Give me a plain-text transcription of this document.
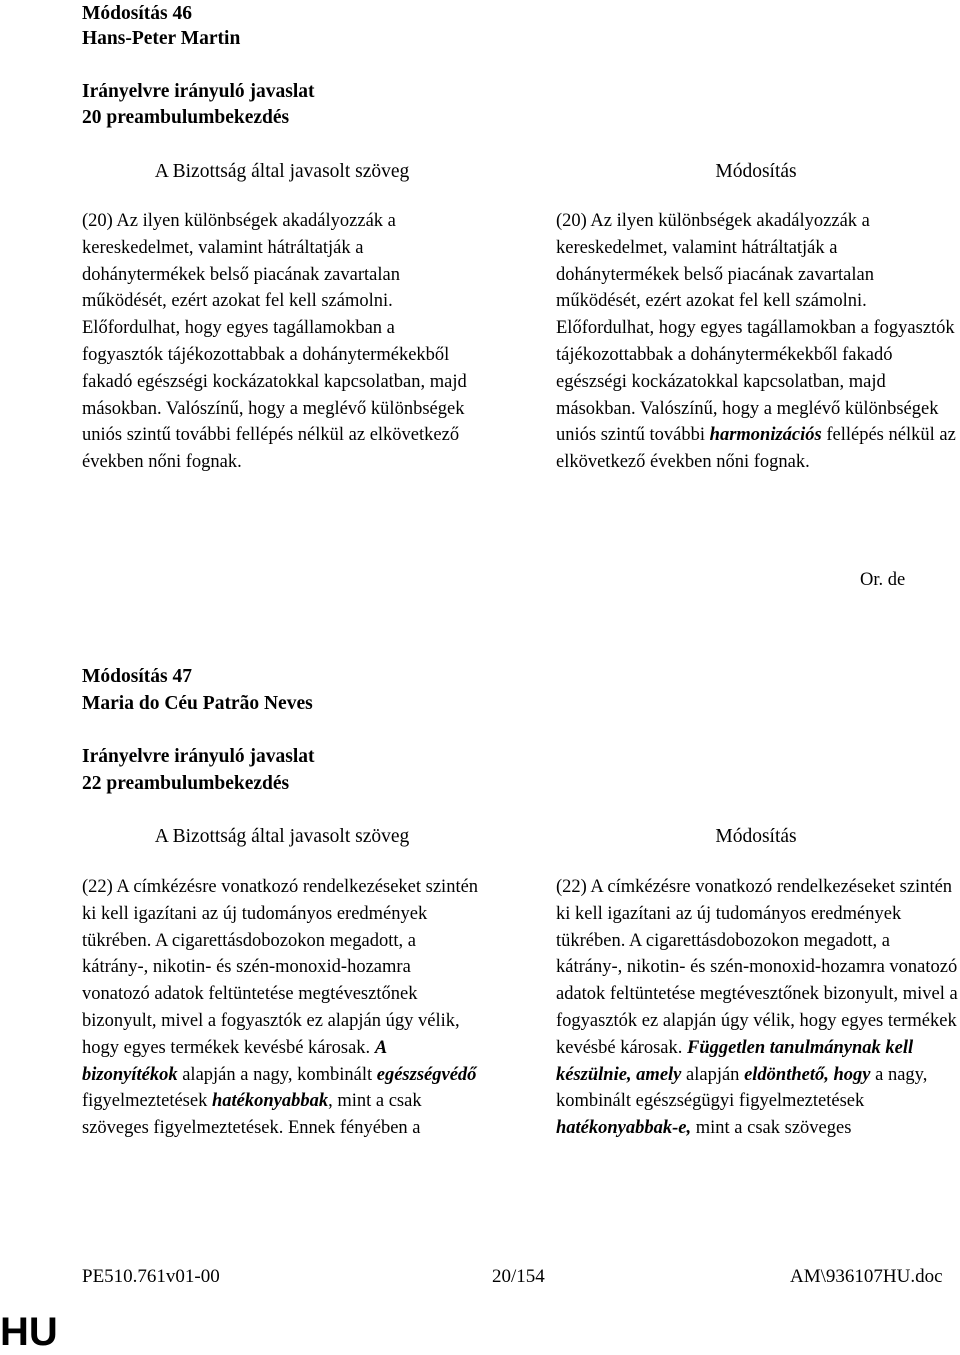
Módosítás 46
Hans-Peter Martin
Irányelvre irányuló javaslat
20 preambulumbekezdés
A Bizottság által javasolt szöveg	Módosítás

(20) Az ilyen különbségek akadályozzák a kereskedelmet, valamint hátráltatják a dohánytermékek belső piacának zavartalan működését, ezért azokat fel kell számolni. Előfordulhat, hogy egyes tagállamokban a fogyasztók tájékozottabbak a dohánytermékekből fakadó egészségi kockázatokkal kapcsolatban, majd másokban. Valószínű, hogy a meglévő különbségek uniós szintű további fellépés nélkül az elkövetkező években nőni fognak.

(20) Az ilyen különbségek akadályozzák a kereskedelmet, valamint hátráltatják a dohánytermékek belső piacának zavartalan működését, ezért azokat fel kell számolni. Előfordulhat, hogy egyes tagállamokban a fogyasztók tájékozottabbak a dohánytermékekből fakadó egészségi kockázatokkal kapcsolatban, majd másokban. Valószínű, hogy a meglévő különbségek uniós szintű további harmonizációs fellépés nélkül az elkövetkező években nőni fognak.

Or. de
Módosítás 47
Maria do Céu Patrão Neves
Irányelvre irányuló javaslat
22 preambulumbekezdés
A Bizottság által javasolt szöveg	Módosítás

(22) A címkézésre vonatkozó rendelkezéseket szintén ki kell igazítani az új tudományos eredmények tükrében. A cigarettásdobozokon megadott, a kátrány-, nikotin- és szén-monoxid-hozamra vonatozó adatok feltüntetése megtévesztőnek bizonyult, mivel a fogyasztók ez alapján úgy vélik, hogy egyes termékek kevésbé károsak. A bizonyítékok alapján a nagy, kombinált egészségvédő figyelmeztetések hatékonyabbak, mint a csak szöveges figyelmeztetések. Ennek fényében a

(22) A címkézésre vonatkozó rendelkezéseket szintén ki kell igazítani az új tudományos eredmények tükrében. A cigarettásdobozokon megadott, a kátrány-, nikotin- és szén-monoxid-hozamra vonatozó adatok feltüntetése megtévesztőnek bizonyult, mivel a fogyasztók ez alapján úgy vélik, hogy egyes termékek kevésbé károsak. Független tanulmánynak kell készülnie, amely alapján eldönthető, hogy a nagy, kombinált egészségügyi figyelmeztetések hatékonyabbak-e, mint a csak szöveges

PE510.761v01-00	20/154	AM\936107HU.doc
HU
